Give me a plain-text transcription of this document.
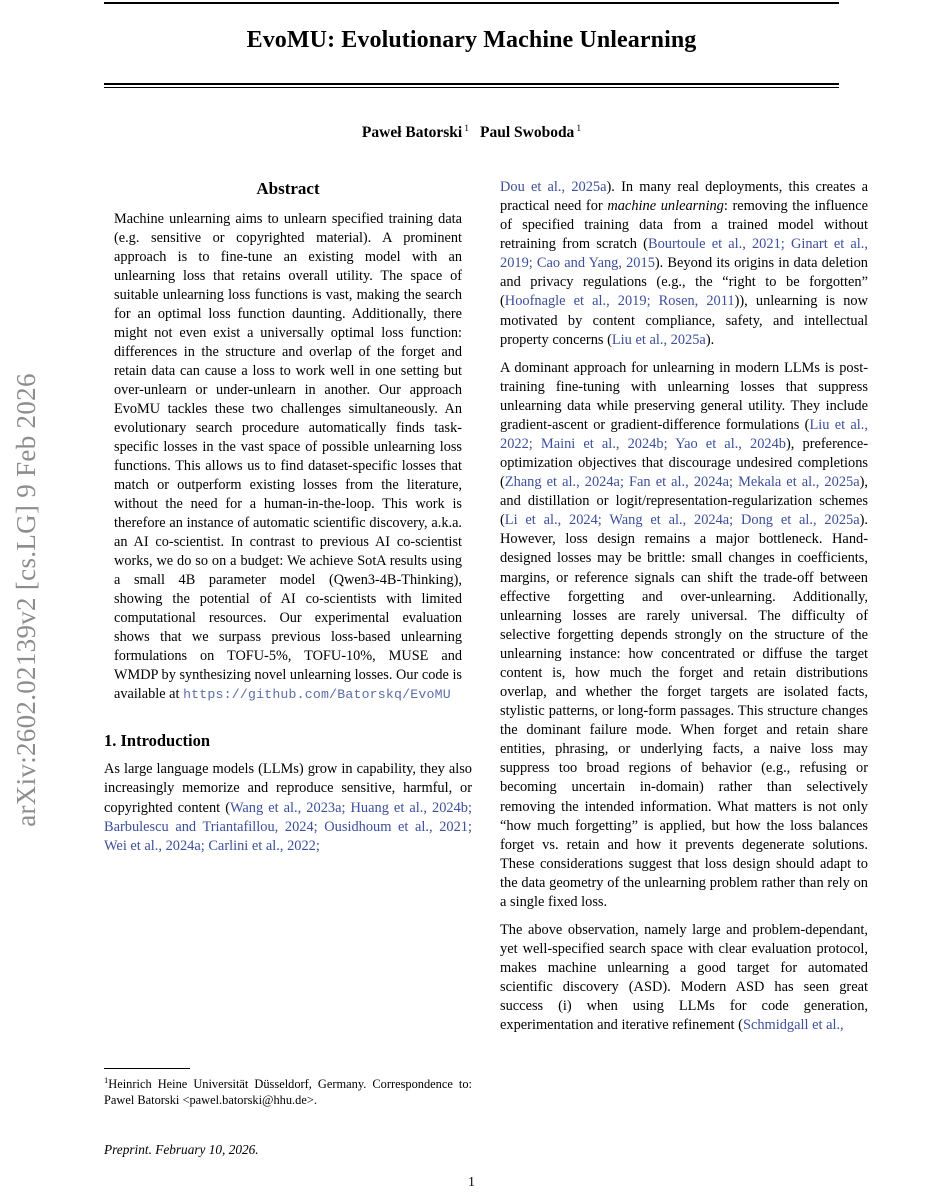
arXiv:2602.02139v2 [cs.LG] 9 Feb 2026
EvoMU: Evolutionary Machine Unlearning
Paweł Batorski $^1$ Paul Swoboda $^1$
Abstract

Machine unlearning aims to unlearn specified training data (e.g. sensitive or copyrighted material). A prominent approach is to fine-tune an existing model with an unlearning loss that retains overall utility. The space of suitable unlearning loss functions is vast, making the search for an optimal loss function daunting. Additionally, there might not even exist a universally optimal loss function: differences in the structure and overlap of the forget and retain data can cause a loss to work well in one setting but over-unlearn or under-unlearn in another. Our approach EvoMU tackles these two challenges simultaneously. An evolutionary search procedure automatically finds task-specific losses in the vast space of possible unlearning loss functions. This allows us to find dataset-specific losses that match or outperform existing losses from the literature, without the need for a human-in-the-loop. This work is therefore an instance of automatic scientific discovery, a.k.a. an AI co-scientist. In contrast to previous AI co-scientist works, we do so on a budget: We achieve SotA results using a small 4B parameter model (Qwen3-4B-Thinking), showing the potential of AI co-scientists with limited computational resources. Our experimental evaluation shows that we surpass previous loss-based unlearning formulations on TOFU-5%, TOFU-10%, MUSE and WMDP by synthesizing novel unlearning losses. Our code is available at https://github.com/Batorskq/EvoMU

1. Introduction

As large language models (LLMs) grow in capability, they also increasingly memorize and reproduce sensitive, harmful, or copyrighted content (Wang et al., 2023a; Huang et al., 2024b; Barbulescu and Triantafillou, 2024; Ousidhoum et al., 2021; Wei et al., 2024a; Carlini et al., 2022;

Dou et al., 2025a). In many real deployments, this creates a practical need for machine unlearning: removing the influence of specified training data from a trained model without retraining from scratch (Bourtoule et al., 2021; Ginart et al., 2019; Cao and Yang, 2015). Beyond its origins in data deletion and privacy regulations (e.g., the “right to be forgotten” (Hoofnagle et al., 2019; Rosen, 2011)), unlearning is now motivated by content compliance, safety, and intellectual property concerns (Liu et al., 2025a).

A dominant approach for unlearning in modern LLMs is post-training fine-tuning with unlearning losses that suppress unlearning data while preserving general utility. They include gradient-ascent or gradient-difference formulations (Liu et al., 2022; Maini et al., 2024b; Yao et al., 2024b), preference-optimization objectives that discourage undesired completions (Zhang et al., 2024a; Fan et al., 2024a; Mekala et al., 2025a), and distillation or logit/representation-regularization schemes (Li et al., 2024; Wang et al., 2024a; Dong et al., 2025a). However, loss design remains a major bottleneck. Hand-designed losses may be brittle: small changes in coefficients, margins, or reference signals can shift the trade-off between effective forgetting and over-unlearning. Additionally, unlearning losses are rarely universal. The difficulty of selective forgetting depends strongly on the structure of the unlearning instance: how concentrated or diffuse the target content is, how much the forget and retain distributions overlap, and whether the forget targets are isolated facts, stylistic patterns, or long-form passages. This structure changes the dominant failure mode. When forget and retain share entities, phrasing, or underlying facts, a naive loss may suppress too broad regions of behavior (e.g., refusing or becoming uncertain in-domain) rather than selectively removing the intended information. What matters is not only “how much forgetting” is applied, but how the loss balances forget vs. retain and how it prevents degenerate solutions. These considerations suggest that loss design should adapt to the data geometry of the unlearning problem rather than rely on a single fixed loss.

The above observation, namely large and problem-dependant, yet well-specified search space with clear evaluation protocol, makes machine unlearning a good target for automated scientific discovery (ASD). Modern ASD has seen great success (i) when using LLMs for code generation, experimentation and iterative refinement (Schmidgall et al.,

$^1$Heinrich Heine Universität Düsseldorf, Germany. Correspondence to: Pawel Batorski <pawel.batorski@hhu.de>.

Preprint. February 10, 2026.
1
